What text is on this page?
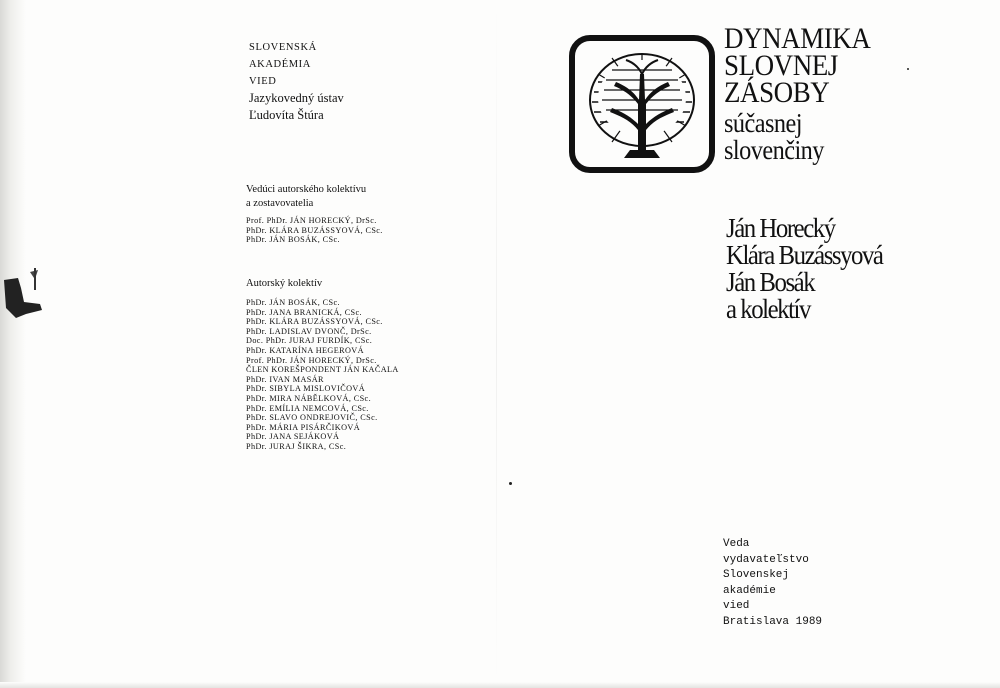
SLOVENSKÁ
AKADÉMIA
VIED
Jazykovedný ústav
Ľudovíta Štúra
Vedúci autorského kolektívu
a zostavovatelia
Prof. PhDr. JÁN HORECKÝ, DrSc.
PhDr. KLÁRA BUZÁSSYOVÁ, CSc.
PhDr. JÁN BOSÁK, CSc.
Autorský kolektív
PhDr. JÁN BOSÁK, CSc.
PhDr. JANA BRANICKÁ, CSc.
PhDr. KLÁRA BUZÁSSYOVÁ, CSc.
PhDr. LADISLAV DVONČ, DrSc.
Doc. PhDr. JURAJ FURDÍK, CSc.
PhDr. KATARÍNA HEGEROVÁ
Prof. PhDr. JÁN HORECKÝ, DrSc.
ČLEN KOREŠPONDENT JÁN KAČALA
PhDr. IVAN MASÁR
PhDr. SIBYLA MISLOVIČOVÁ
PhDr. MIRA NÁBĚLKOVÁ, CSc.
PhDr. EMÍLIA NEMCOVÁ, CSc.
PhDr. SLAVO ONDREJOVIČ, CSc.
PhDr. MÁRIA PISÁRČIKOVÁ
PhDr. JANA SEJÁKOVÁ
PhDr. JURAJ ŠIKRA, CSc.
DYNAMIKA
SLOVNEJ
ZÁSOBY
súčasnej
slovenčiny
Ján Horecký
Klára Buzássyová
Ján Bosák
a kolektív
Veda
vydavateľstvo
Slovenskej
akadémie
vied
Bratislava 1989
